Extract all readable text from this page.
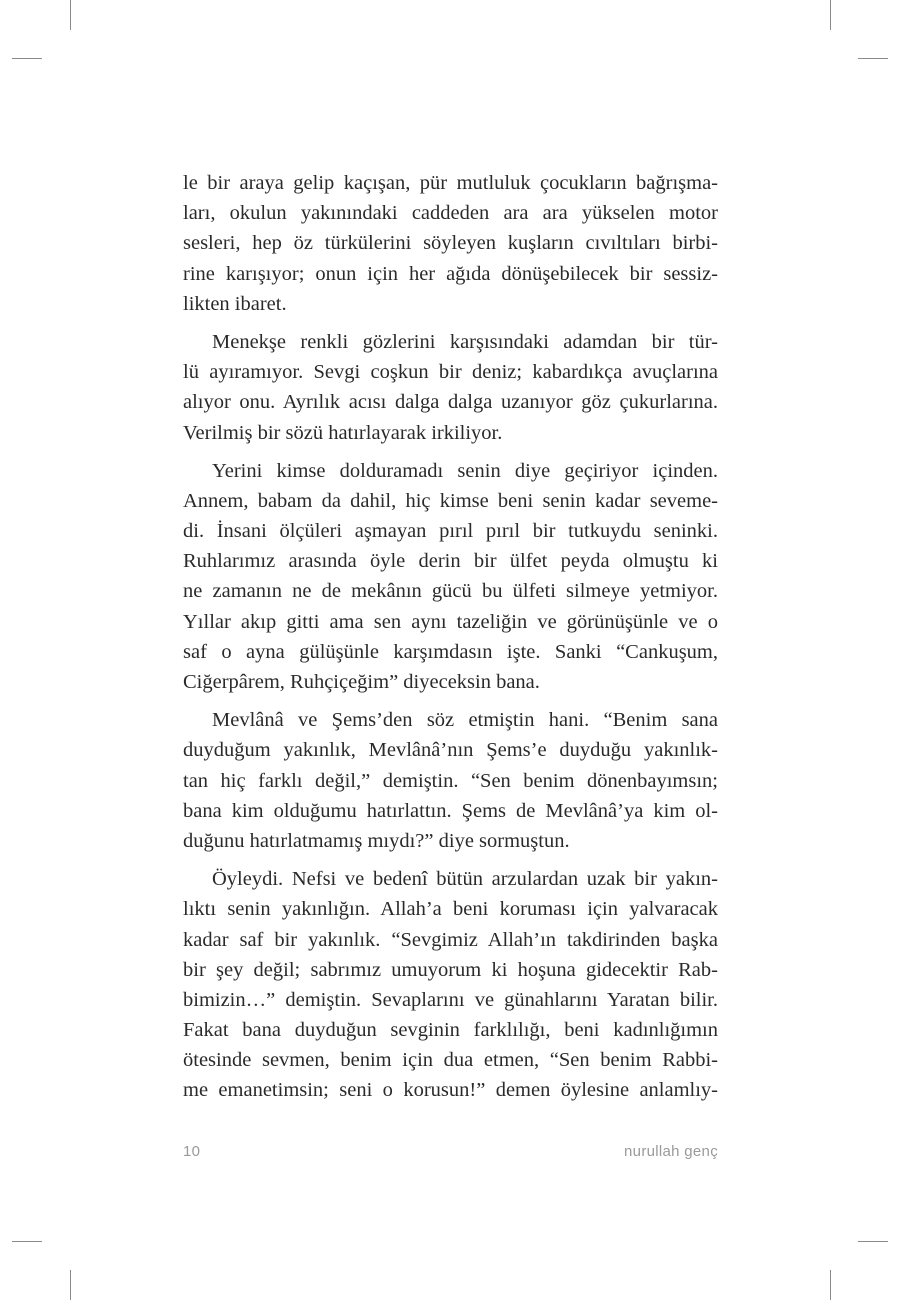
le bir araya gelip kaçışan, pür mutluluk çocukların bağrışma-
ları, okulun yakınındaki caddeden ara ara yükselen motor
sesleri, hep öz türkülerini söyleyen kuşların cıvıltıları birbi-
rine karışıyor; onun için her ağıda dönüşebilecek bir sessiz-
likten ibaret.
Menekşe renkli gözlerini karşısındaki adamdan bir tür-
lü ayıramıyor. Sevgi coşkun bir deniz; kabardıkça avuçlarına
alıyor onu. Ayrılık acısı dalga dalga uzanıyor göz çukurlarına.
Verilmiş bir sözü hatırlayarak irkiliyor.
Yerini kimse dolduramadı senin diye geçiriyor içinden.
Annem, babam da dahil, hiç kimse beni senin kadar seveme-
di. İnsani ölçüleri aşmayan pırıl pırıl bir tutkuydu seninki.
Ruhlarımız arasında öyle derin bir ülfet peyda olmuştu ki
ne zamanın ne de mekânın gücü bu ülfeti silmeye yetmiyor.
Yıllar akıp gitti ama sen aynı tazeliğin ve görünüşünle ve o
saf o ayna gülüşünle karşımdasın işte. Sanki “Cankuşum,
Ciğerpârem, Ruhçiçeğim” diyeceksin bana.
Mevlânâ ve Şems’den söz etmiştin hani. “Benim sana
duyduğum yakınlık, Mevlânâ’nın Şems’e duyduğu yakınlık-
tan hiç farklı değil,” demiştin. “Sen benim dönenbayımsın;
bana kim olduğumu hatırlattın. Şems de Mevlânâ’ya kim ol-
duğunu hatırlatmamış mıydı?” diye sormuştun.
Öyleydi. Nefsi ve bedenî bütün arzulardan uzak bir yakın-
lıktı senin yakınlığın. Allah’a beni koruması için yalvaracak
kadar saf bir yakınlık. “Sevgimiz Allah’ın takdirinden başka
bir şey değil; sabrımız umuyorum ki hoşuna gidecektir Rab-
bimizin…” demiştin. Sevaplarını ve günahlarını Yaratan bilir.
Fakat bana duyduğun sevginin farklılığı, beni kadınlığımın
ötesinde sevmen, benim için dua etmen, “Sen benim Rabbi-
me emanetimsin; seni o korusun!” demen öylesine anlamlıy-
10	nurullah genç
